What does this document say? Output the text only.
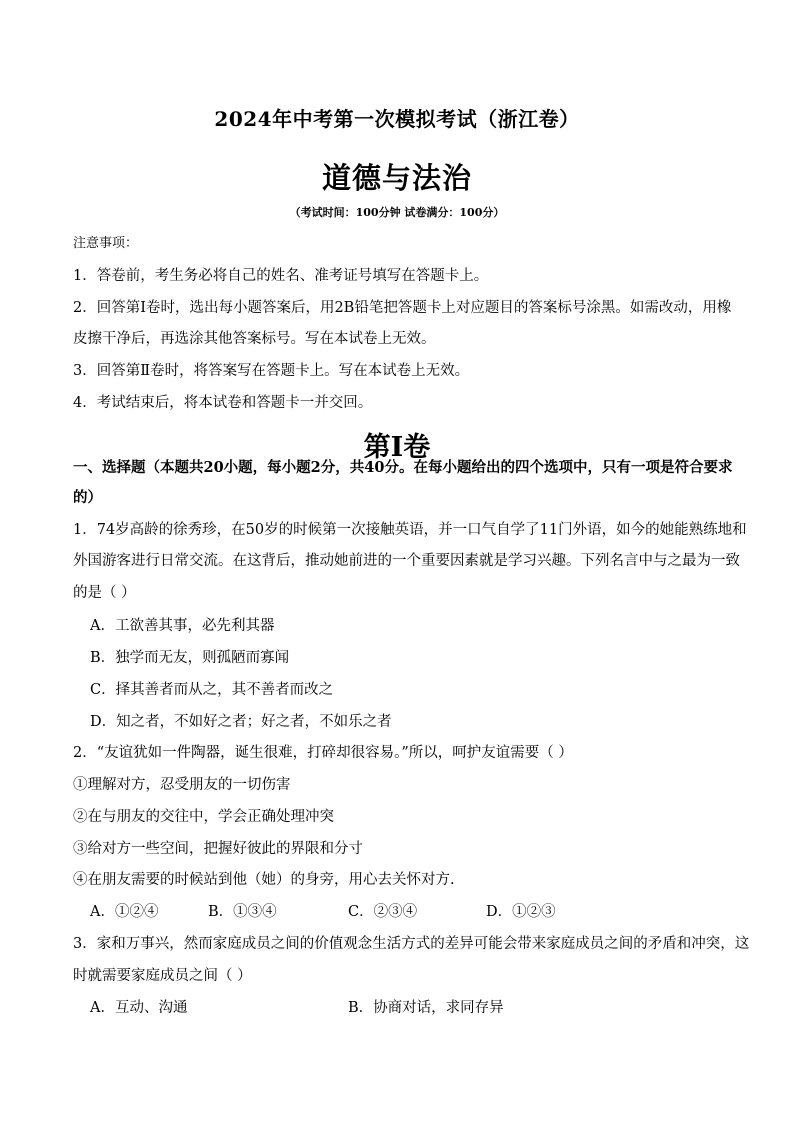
2024年中考第一次模拟考试（浙江卷）
道德与法治
（考试时间：100分钟 试卷满分：100分）
注意事项：
1．答卷前，考生务必将自己的姓名、准考证号填写在答题卡上。
2．回答第Ⅰ卷时，选出每小题答案后，用2B铅笔把答题卡上对应题目的答案标号涂黑。如需改动，用橡
皮擦干净后，再选涂其他答案标号。写在本试卷上无效。
3．回答第Ⅱ卷时，将答案写在答题卡上。写在本试卷上无效。
4．考试结束后，将本试卷和答题卡一并交回。
第Ⅰ卷
一、选择题（本题共20小题，每小题2分，共40分。在每小题给出的四个选项中，只有一项是符合要求
的）
1．74岁高龄的徐秀珍，在50岁的时候第一次接触英语，并一口气自学了11门外语，如今的她能熟练地和
外国游客进行日常交流。在这背后，推动她前进的一个重要因素就是学习兴趣。下列名言中与之最为一致
的是（ ）
A．工欲善其事，必先利其器
B．独学而无友，则孤陋而寡闻
C．择其善者而从之，其不善者而改之
D．知之者，不如好之者；好之者，不如乐之者
2．“友谊犹如一件陶器，诞生很难，打碎却很容易。”所以，呵护友谊需要（ ）
①理解对方，忍受朋友的一切伤害
②在与朋友的交往中，学会正确处理冲突
③给对方一些空间，把握好彼此的界限和分寸
④在朋友需要的时候站到他（她）的身旁，用心去关怀对方.
A．①②④	B．①③④	C．②③④	D．①②③
3．家和万事兴，然而家庭成员之间的价值观念生活方式的差异可能会带来家庭成员之间的矛盾和冲突，这
时就需要家庭成员之间（ ）
A．互动、沟通	B．协商对话，求同存异
